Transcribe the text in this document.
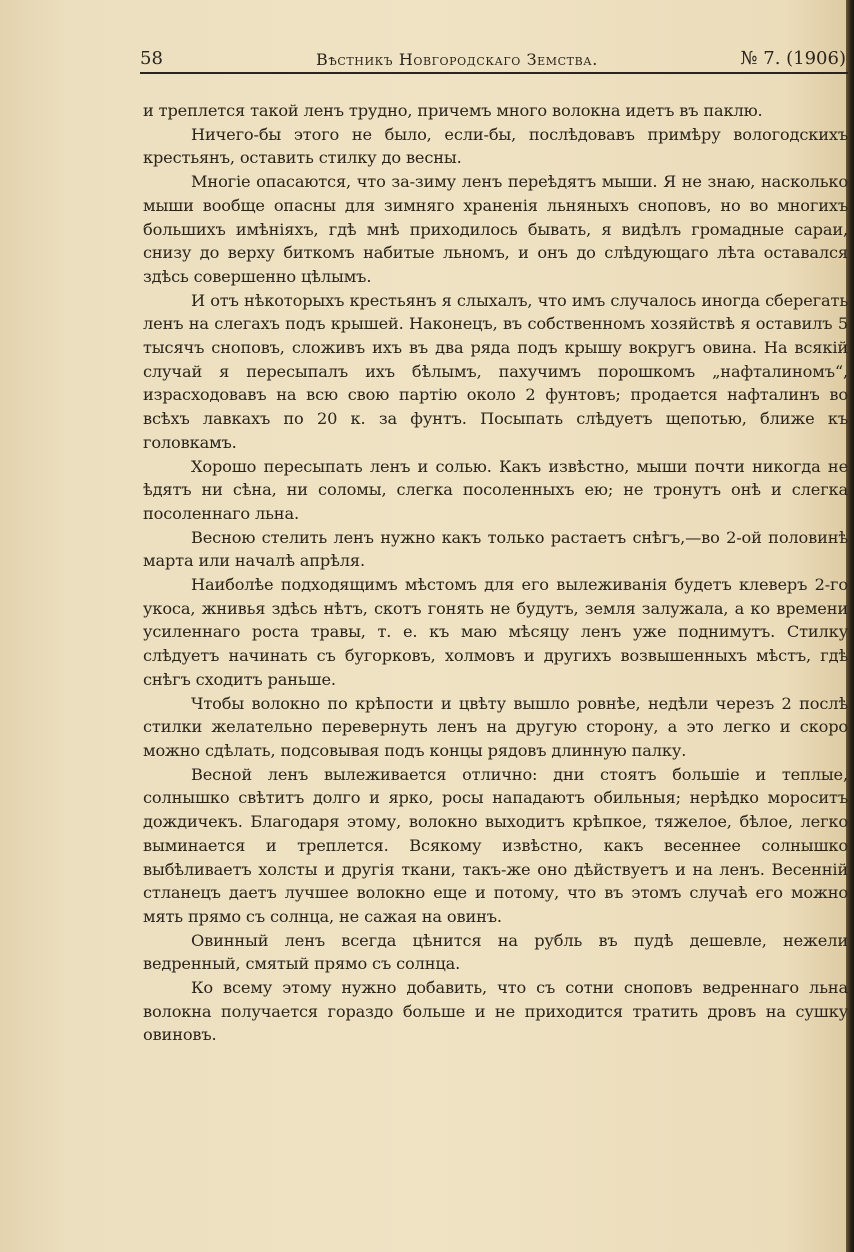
58	Вѣстникъ Новгородскаго Земства.	№ 7. (1906)

и треплется такой ленъ трудно, причемъ много волокна идетъ въ паклю.

Ничего-бы этого не было, если-бы, послѣдовавъ примѣру вологодскихъ крестьянъ, оставить стилку до весны.

Многіе опасаются, что за-зиму ленъ переѣдятъ мыши. Я не знаю, насколько мыши вообще опасны для зимняго храненія льняныхъ сноповъ, но во многихъ большихъ имѣніяхъ, гдѣ мнѣ приходилось бывать, я видѣлъ громадные сараи, снизу до верху биткомъ набитые льномъ, и онъ до слѣдующаго лѣта оставался здѣсь совершенно цѣлымъ.

И отъ нѣкоторыхъ крестьянъ я слыхалъ, что имъ случалось иногда сберегать ленъ на слегахъ подъ крышей. Наконецъ, въ собственномъ хозяйствѣ я оставилъ 5 тысячъ сноповъ, сложивъ ихъ въ два ряда подъ крышу вокругъ овина. На всякій случай я пересыпалъ ихъ бѣлымъ, пахучимъ порошкомъ „нафталиномъ“, израсходовавъ на всю свою партію около 2 фунтовъ; продается нафталинъ во всѣхъ лавкахъ по 20 к. за фунтъ. Посыпать слѣдуетъ щепотью, ближе къ головкамъ.

Хорошо пересыпать ленъ и солью. Какъ извѣстно, мыши почти никогда не ѣдятъ ни сѣна, ни соломы, слегка посоленныхъ ею; не тронутъ онѣ и слегка посоленнаго льна.

Весною стелить ленъ нужно какъ только растаетъ снѣгъ,—во 2-ой половинѣ марта или началѣ апрѣля.

Наиболѣе подходящимъ мѣстомъ для его вылеживанія будетъ клеверъ 2-го укоса, жнивья здѣсь нѣтъ, скотъ гонять не будутъ, земля залужала, а ко времени усиленнаго роста травы, т. е. къ маю мѣсяцу ленъ уже поднимутъ. Стилку слѣдуетъ начинать съ бугорковъ, холмовъ и другихъ возвышенныхъ мѣстъ, гдѣ снѣгъ сходитъ раньше.

Чтобы волокно по крѣпости и цвѣту вышло ровнѣе, недѣли черезъ 2 послѣ стилки желательно перевернуть ленъ на другую сторону, а это легко и скоро можно сдѣлать, подсовывая подъ концы рядовъ длинную палку.

Весной ленъ вылеживается отлично: дни стоятъ большіе и теплые, солнышко свѣтитъ долго и ярко, росы нападаютъ обильныя; нерѣдко мороситъ дождичекъ. Благодаря этому, волокно выходитъ крѣпкое, тяжелое, бѣлое, легко выминается и треплется. Всякому извѣстно, какъ весеннее солнышко выбѣливаетъ холсты и другія ткани, такъ-же оно дѣйствуетъ и на ленъ. Весенній стланецъ даетъ лучшее волокно еще и потому, что въ этомъ случаѣ его можно мять прямо съ солнца, не сажая на овинъ.

Овинный ленъ всегда цѣнится на рубль въ пудѣ дешевле, нежели ведренный, смятый прямо съ солнца.

Ко всему этому нужно добавить, что съ сотни сноповъ ведреннаго льна волокна получается гораздо больше и не приходится тратить дровъ на сушку овиновъ.
